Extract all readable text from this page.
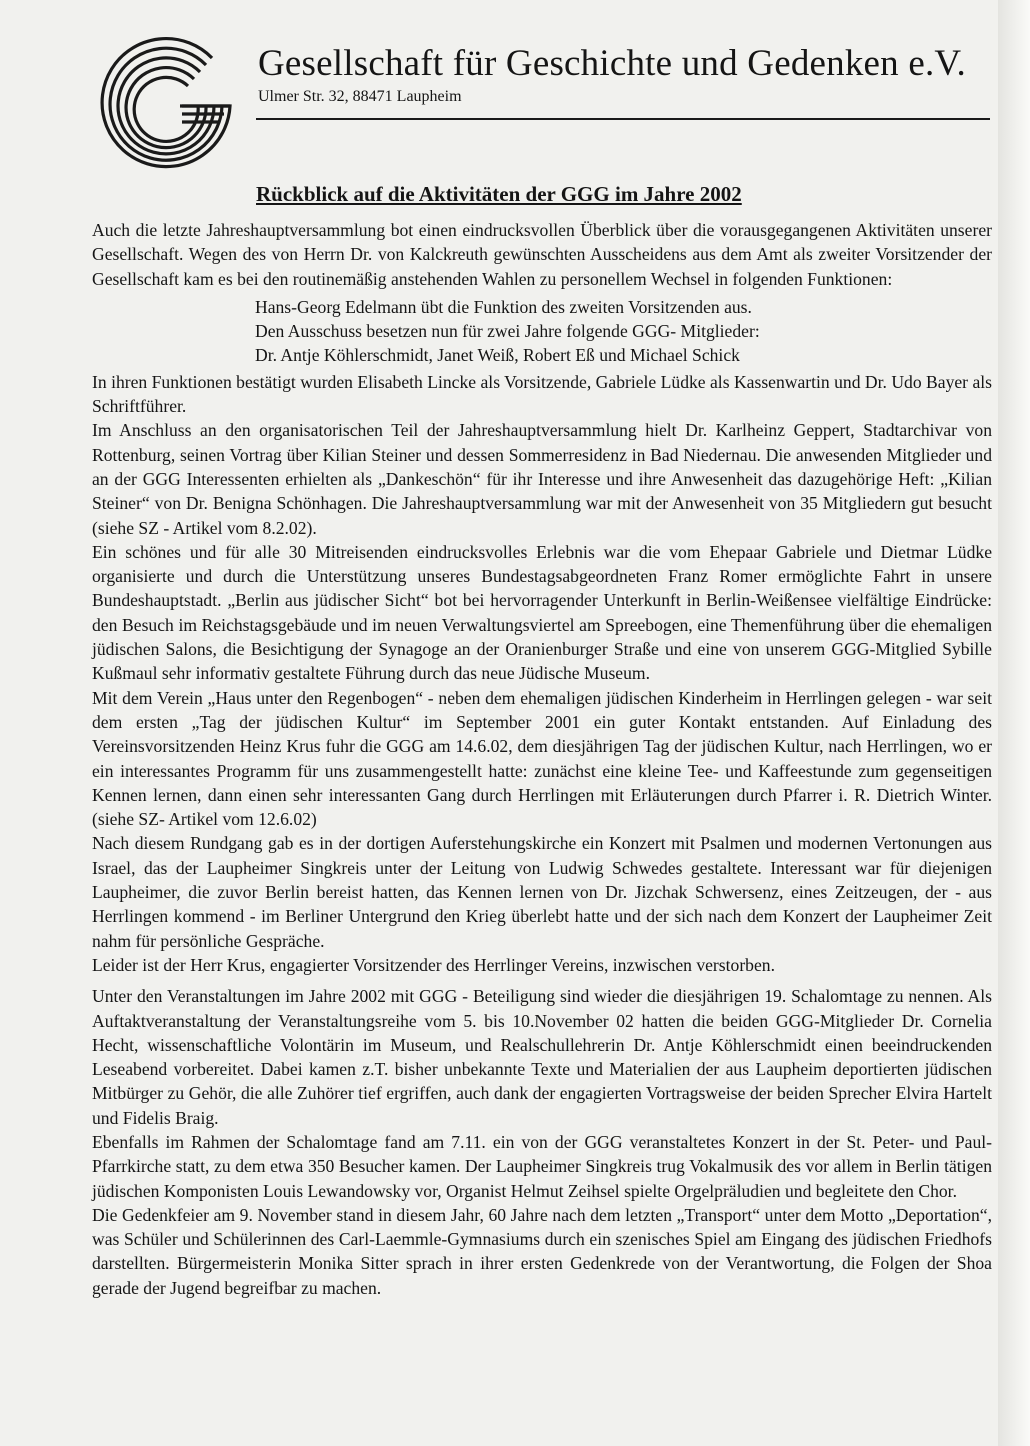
Gesellschaft für Geschichte und Gedenken e.V.
Ulmer Str. 32, 88471 Laupheim
Rückblick auf die Aktivitäten der GGG im Jahre 2002

Auch die letzte Jahreshauptversammlung bot einen eindrucksvollen Überblick über die vorausgegangenen Aktivitäten unserer Gesellschaft. Wegen des von Herrn Dr. von Kalckreuth gewünschten Ausscheidens aus dem Amt als zweiter Vorsitzender der Gesellschaft kam es bei den routinemäßig anstehenden Wahlen zu personellem Wechsel in folgenden Funktionen:

Hans-Georg Edelmann übt die Funktion des zweiten Vorsitzenden aus.
Den Ausschuss besetzen nun für zwei Jahre folgende GGG- Mitglieder:
Dr. Antje Köhlerschmidt, Janet Weiß, Robert Eß und Michael Schick

In ihren Funktionen bestätigt wurden Elisabeth Lincke als Vorsitzende, Gabriele Lüdke als Kassenwartin und Dr. Udo Bayer als Schriftführer.

Im Anschluss an den organisatorischen Teil der Jahreshauptversammlung hielt Dr. Karlheinz Geppert, Stadtarchivar von Rottenburg, seinen Vortrag über Kilian Steiner und dessen Sommerresidenz in Bad Niedernau. Die anwesenden Mitglieder und an der GGG Interessenten erhielten als „Dankeschön“ für ihr Interesse und ihre Anwesenheit das dazugehörige Heft: „Kilian Steiner“ von Dr. Benigna Schönhagen. Die Jahreshauptversammlung war mit der Anwesenheit von 35 Mitgliedern gut besucht (siehe SZ - Artikel vom 8.2.02).

Ein schönes und für alle 30 Mitreisenden eindrucksvolles Erlebnis war die vom Ehepaar Gabriele und Dietmar Lüdke organisierte und durch die Unterstützung unseres Bundestagsabgeordneten Franz Romer ermöglichte Fahrt in unsere Bundeshauptstadt. „Berlin aus jüdischer Sicht“ bot bei hervorragender Unterkunft in Berlin-Weißensee vielfältige Eindrücke: den Besuch im Reichstagsgebäude und im neuen Verwaltungsviertel am Spreebogen, eine Themenführung über die ehemaligen jüdischen Salons, die Besichtigung der Synagoge an der Oranienburger Straße und eine von unserem GGG-Mitglied Sybille Kußmaul sehr informativ gestaltete Führung durch das neue Jüdische Museum.

Mit dem Verein „Haus unter den Regenbogen“ - neben dem ehemaligen jüdischen Kinderheim in Herrlingen gelegen - war seit dem ersten „Tag der jüdischen Kultur“ im September 2001 ein guter Kontakt entstanden. Auf Einladung des Vereinsvorsitzenden Heinz Krus fuhr die GGG am 14.6.02, dem diesjährigen Tag der jüdischen Kultur, nach Herrlingen, wo er ein interessantes Programm für uns zusammengestellt hatte: zunächst eine kleine Tee- und Kaffeestunde zum gegenseitigen Kennen lernen, dann einen sehr interessanten Gang durch Herrlingen mit Erläuterungen durch Pfarrer i. R. Dietrich Winter. (siehe SZ- Artikel vom 12.6.02)

Nach diesem Rundgang gab es in der dortigen Auferstehungskirche ein Konzert mit Psalmen und modernen Vertonungen aus Israel, das der Laupheimer Singkreis unter der Leitung von Ludwig Schwedes gestaltete. Interessant war für diejenigen Laupheimer, die zuvor Berlin bereist hatten, das Kennen lernen von Dr. Jizchak Schwersenz, eines Zeitzeugen, der - aus Herrlingen kommend - im Berliner Untergrund den Krieg überlebt hatte und der sich nach dem Konzert der Laupheimer Zeit nahm für persönliche Gespräche.

Leider ist der Herr Krus, engagierter Vorsitzender des Herrlinger Vereins, inzwischen verstorben.

Unter den Veranstaltungen im Jahre 2002 mit GGG - Beteiligung sind wieder die diesjährigen 19. Schalomtage zu nennen. Als Auftaktveranstaltung der Veranstaltungsreihe vom 5. bis 10.November 02 hatten die beiden GGG-Mitglieder Dr. Cornelia Hecht, wissenschaftliche Volontärin im Museum, und Realschullehrerin Dr. Antje Köhlerschmidt einen beeindruckenden Leseabend vorbereitet. Dabei kamen z.T. bisher unbekannte Texte und Materialien der aus Laupheim deportierten jüdischen Mitbürger zu Gehör, die alle Zuhörer tief ergriffen, auch dank der engagierten Vortragsweise der beiden Sprecher Elvira Hartelt und Fidelis Braig.

Ebenfalls im Rahmen der Schalomtage fand am 7.11. ein von der GGG veranstaltetes Konzert in der St. Peter- und Paul-Pfarrkirche statt, zu dem etwa 350 Besucher kamen. Der Laupheimer Singkreis trug Vokalmusik des vor allem in Berlin tätigen jüdischen Komponisten Louis Lewandowsky vor, Organist Helmut Zeihsel spielte Orgelpräludien und begleitete den Chor.

Die Gedenkfeier am 9. November stand in diesem Jahr, 60 Jahre nach dem letzten „Transport“ unter dem Motto „Deportation“, was Schüler und Schülerinnen des Carl-Laemmle-Gymnasiums durch ein szenisches Spiel am Eingang des jüdischen Friedhofs darstellten. Bürgermeisterin Monika Sitter sprach in ihrer ersten Gedenkrede von der Verantwortung, die Folgen der Shoa gerade der Jugend begreifbar zu machen.
